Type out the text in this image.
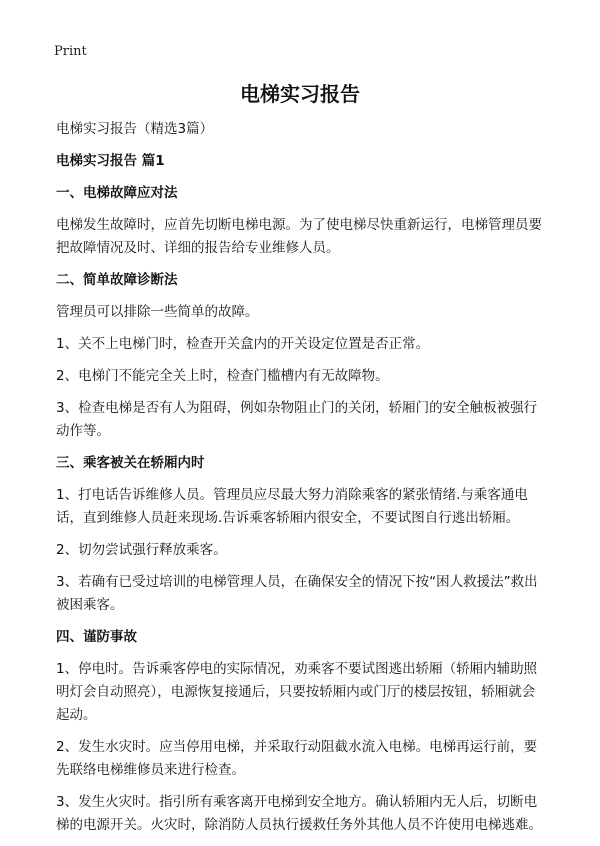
Print
电梯实习报告

电梯实习报告（精选3篇）

电梯实习报告 篇1

一、电梯故障应对法

电梯发生故障时，应首先切断电梯电源。为了使电梯尽快重新运行，电梯管理员要把故障情况及时、详细的报告给专业维修人员。

二、简单故障诊断法

管理员可以排除一些简单的故障。

1、关不上电梯门时，检查开关盒内的开关设定位置是否正常。

2、电梯门不能完全关上时，检查门槛槽内有无故障物。

3、检查电梯是否有人为阻碍，例如杂物阻止门的关闭，轿厢门的安全触板被强行动作等。

三、乘客被关在轿厢内时

1、打电话告诉维修人员。管理员应尽最大努力消除乘客的紧张情绪.与乘客通电话，直到维修人员赶来现场.告诉乘客轿厢内很安全，不要试图自行逃出轿厢。

2、切勿尝试强行释放乘客。

3、若确有已受过培训的电梯管理人员，在确保安全的情况下按“困人救援法”救出被困乘客。

四、谨防事故

1、停电时。告诉乘客停电的实际情况，劝乘客不要试图逃出轿厢（轿厢内辅助照明灯会自动照亮），电源恢复接通后，只要按轿厢内或门厅的楼层按钮，轿厢就会起动。

2、发生水灾时。应当停用电梯，并采取行动阻截水流入电梯。电梯再运行前，要先联络电梯维修员来进行检查。

3、发生火灾时。指引所有乘客离开电梯到安全地方。确认轿厢内无人后，切断电梯的电源开关。火灾时，除消防人员执行援救任务外其他人员不许使用电梯逃难。
